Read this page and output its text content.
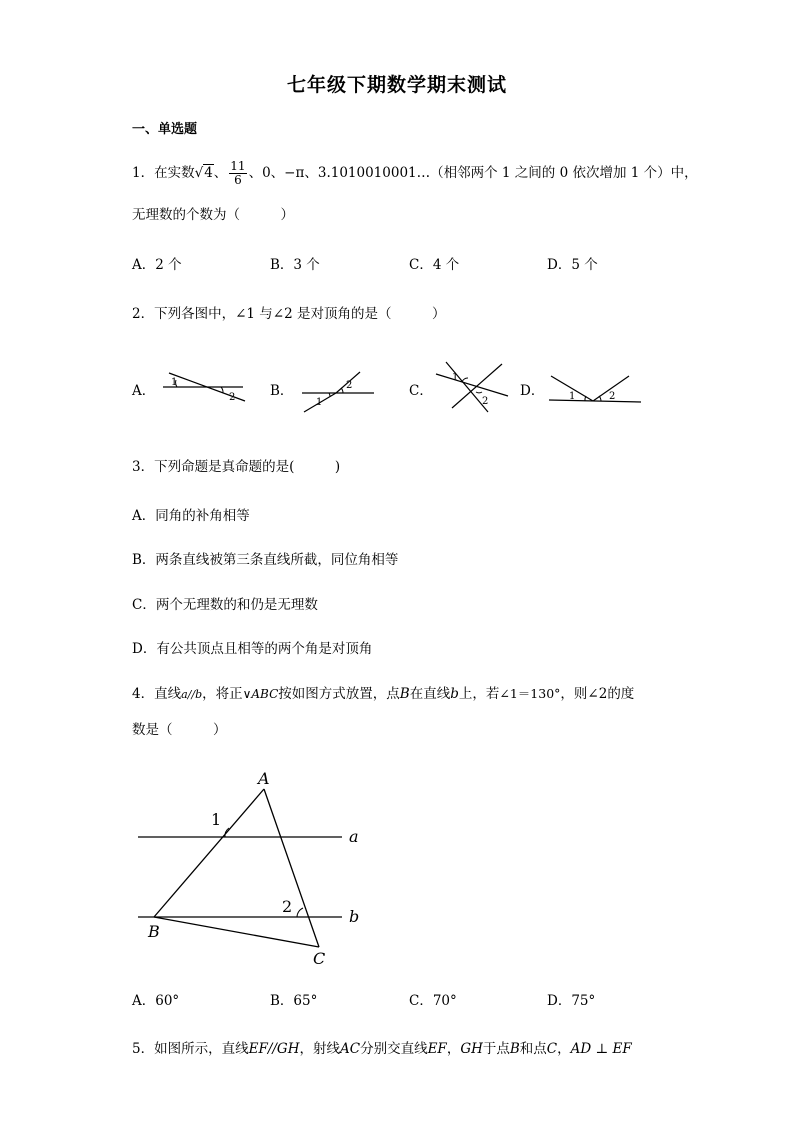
七年级下期数学期末测试
一、单选题
1．在实数√4、 $\frac{11}{6}$ 、0、−π、3.1010010001…（相邻两个 1 之间的 0 依次增加 1 个）中，
无理数的个数为（　　　）
A．2 个	B．3 个	C．4 个	D．5 个
2．下列各图中，∠1 与∠2 是对顶角的是（　　　）
A．	B．	C．	D．
1
2	1
2
1
2	1	2
3．下列命题是真命题的是(　　　)
A．同角的补角相等
B．两条直线被第三条直线所截，同位角相等
C．两个无理数的和仍是无理数
D．有公共顶点且相等的两个角是对顶角
4．直线a//b，将正∨ABC按如图方式放置，点B在直线b上，若∠1＝130°，则∠2的度
数是（　　　）
A
B
C
a
b
1
2
A．60°	B．65°	C．70°	D．75°
5．如图所示，直线EF//GH，射线AC分别交直线EF，GH于点B和点C，AD ⊥ EF
